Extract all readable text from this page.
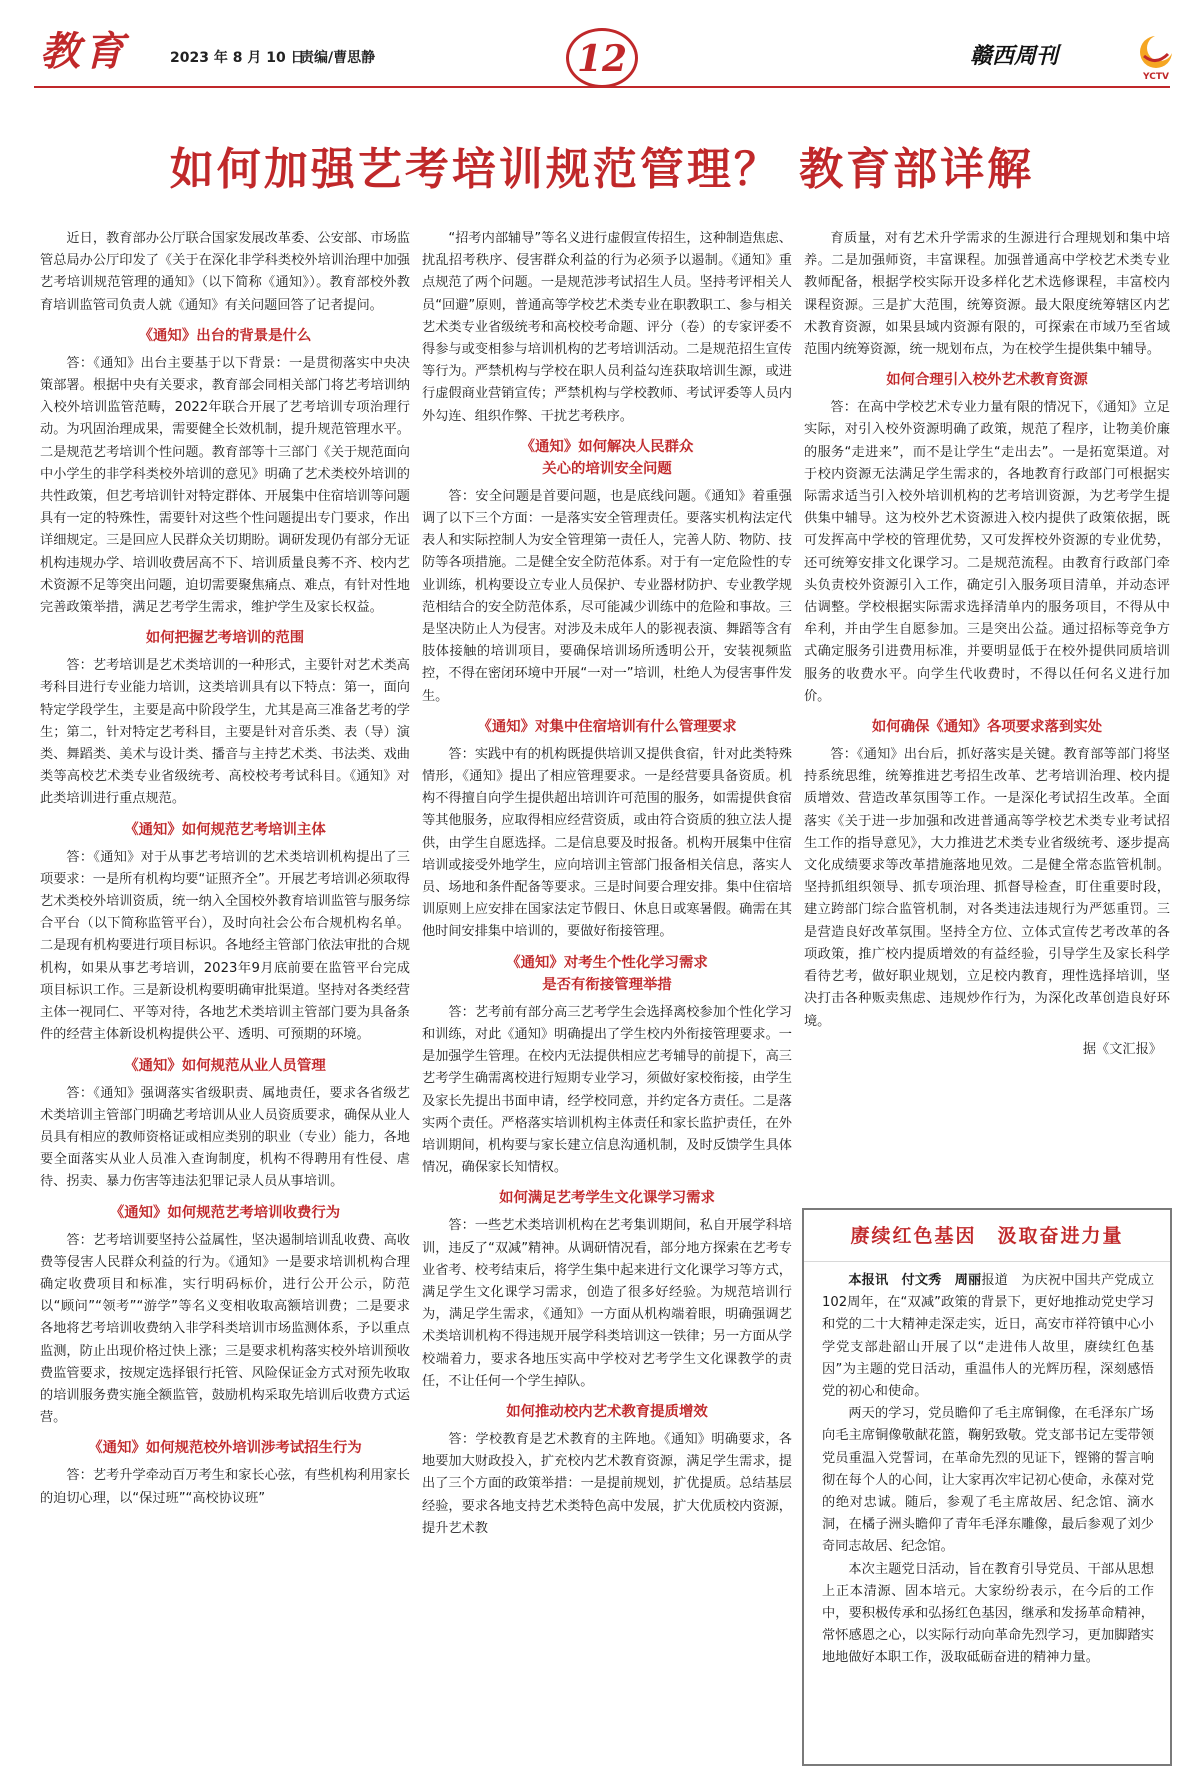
教育	2023 年 8 月 10 日
责编/曹思静	12	赣西周刊
YCTV
如何加强艺考培训规范管理？ 教育部详解

近日，教育部办公厅联合国家发展改革委、公安部、市场监管总局办公厅印发了《关于在深化非学科类校外培训治理中加强艺考培训规范管理的通知》（以下简称《通知》）。教育部校外教育培训监管司负责人就《通知》有关问题回答了记者提问。

《通知》出台的背景是什么

答：《通知》出台主要基于以下背景：一是贯彻落实中央决策部署。根据中央有关要求，教育部会同相关部门将艺考培训纳入校外培训监管范畴，2022年联合开展了艺考培训专项治理行动。为巩固治理成果，需要健全长效机制，提升规范管理水平。二是规范艺考培训个性问题。教育部等十三部门《关于规范面向中小学生的非学科类校外培训的意见》明确了艺术类校外培训的共性政策，但艺考培训针对特定群体、开展集中住宿培训等问题具有一定的特殊性，需要针对这些个性问题提出专门要求，作出详细规定。三是回应人民群众关切期盼。调研发现仍有部分无证机构违规办学、培训收费居高不下、培训质量良莠不齐、校内艺术资源不足等突出问题，迫切需要聚焦痛点、难点，有针对性地完善政策举措，满足艺考学生需求，维护学生及家长权益。

如何把握艺考培训的范围

答：艺考培训是艺术类培训的一种形式，主要针对艺术类高考科目进行专业能力培训，这类培训具有以下特点：第一，面向特定学段学生，主要是高中阶段学生，尤其是高三准备艺考的学生；第二，针对特定艺考科目，主要是针对音乐类、表（导）演类、舞蹈类、美术与设计类、播音与主持艺术类、书法类、戏曲类等高校艺术类专业省级统考、高校校考考试科目。《通知》对此类培训进行重点规范。

《通知》如何规范艺考培训主体

答：《通知》对于从事艺考培训的艺术类培训机构提出了三项要求：一是所有机构均要“证照齐全”。开展艺考培训必须取得艺术类校外培训资质，统一纳入全国校外教育培训监管与服务综合平台（以下简称监管平台），及时向社会公布合规机构名单。二是现有机构要进行项目标识。各地经主管部门依法审批的合规机构，如果从事艺考培训，2023年9月底前要在监管平台完成项目标识工作。三是新设机构要明确审批渠道。坚持对各类经营主体一视同仁、平等对待，各地艺术类培训主管部门要为具备条件的经营主体新设机构提供公平、透明、可预期的环境。

《通知》如何规范从业人员管理

答：《通知》强调落实省级职责、属地责任，要求各省级艺术类培训主管部门明确艺考培训从业人员资质要求，确保从业人员具有相应的教师资格证或相应类别的职业（专业）能力，各地要全面落实从业人员准入查询制度，机构不得聘用有性侵、虐待、拐卖、暴力伤害等违法犯罪记录人员从事培训。

《通知》如何规范艺考培训收费行为

答：艺考培训要坚持公益属性，坚决遏制培训乱收费、高收费等侵害人民群众利益的行为。《通知》一是要求培训机构合理确定收费项目和标准，实行明码标价，进行公开公示，防范以“顾问”“领考”“游学”等名义变相收取高额培训费；二是要求各地将艺考培训收费纳入非学科类培训市场监测体系，予以重点监测，防止出现价格过快上涨；三是要求机构落实校外培训预收费监管要求，按规定选择银行托管、风险保证金方式对预先收取的培训服务费实施全额监管，鼓励机构采取先培训后收费方式运营。

《通知》如何规范校外培训涉考试招生行为

答：艺考升学牵动百万考生和家长心弦，有些机构利用家长的迫切心理，以“保过班”“高校协议班”

“招考内部辅导”等名义进行虚假宣传招生，这种制造焦虑、扰乱招考秩序、侵害群众利益的行为必须予以遏制。《通知》重点规范了两个问题。一是规范涉考试招生人员。坚持考评相关人员“回避”原则，普通高等学校艺术类专业在职教职工、参与相关艺术类专业省级统考和高校校考命题、评分（卷）的专家评委不得参与或变相参与培训机构的艺考培训活动。二是规范招生宣传等行为。严禁机构与学校在职人员利益勾连获取培训生源，或进行虚假商业营销宣传；严禁机构与学校教师、考试评委等人员内外勾连、组织作弊、干扰艺考秩序。

《通知》如何解决人民群众
关心的培训安全问题

答：安全问题是首要问题，也是底线问题。《通知》着重强调了以下三个方面：一是落实安全管理责任。要落实机构法定代表人和实际控制人为安全管理第一责任人，完善人防、物防、技防等各项措施。二是健全安全防范体系。对于有一定危险性的专业训练，机构要设立专业人员保护、专业器材防护、专业教学规范相结合的安全防范体系，尽可能减少训练中的危险和事故。三是坚决防止人为侵害。对涉及未成年人的影视表演、舞蹈等含有肢体接触的培训项目，要确保培训场所透明公开，安装视频监控，不得在密闭环境中开展“一对一”培训，杜绝人为侵害事件发生。

《通知》对集中住宿培训有什么管理要求

答：实践中有的机构既提供培训又提供食宿，针对此类特殊情形，《通知》提出了相应管理要求。一是经营要具备资质。机构不得擅自向学生提供超出培训许可范围的服务，如需提供食宿等其他服务，应取得相应经营资质，或由符合资质的独立法人提供，由学生自愿选择。二是信息要及时报备。机构开展集中住宿培训或接受外地学生，应向培训主管部门报备相关信息，落实人员、场地和条件配备等要求。三是时间要合理安排。集中住宿培训原则上应安排在国家法定节假日、休息日或寒暑假。确需在其他时间安排集中培训的，要做好衔接管理。

《通知》对考生个性化学习需求
是否有衔接管理举措

答：艺考前有部分高三艺考学生会选择离校参加个性化学习和训练，对此《通知》明确提出了学生校内外衔接管理要求。一是加强学生管理。在校内无法提供相应艺考辅导的前提下，高三艺考学生确需离校进行短期专业学习，须做好家校衔接，由学生及家长先提出书面申请，经学校同意，并约定各方责任。二是落实两个责任。严格落实培训机构主体责任和家长监护责任，在外培训期间，机构要与家长建立信息沟通机制，及时反馈学生具体情况，确保家长知情权。

如何满足艺考学生文化课学习需求

答：一些艺术类培训机构在艺考集训期间，私自开展学科培训，违反了“双减”精神。从调研情况看，部分地方探索在艺考专业省考、校考结束后，将学生集中起来进行文化课学习等方式，满足学生文化课学习需求，创造了很多好经验。为规范培训行为，满足学生需求，《通知》一方面从机构端着眼，明确强调艺术类培训机构不得违规开展学科类培训这一铁律；另一方面从学校端着力，要求各地压实高中学校对艺考学生文化课教学的责任，不让任何一个学生掉队。

如何推动校内艺术教育提质增效

答：学校教育是艺术教育的主阵地。《通知》明确要求，各地要加大财政投入，扩充校内艺术教育资源，满足学生需求，提出了三个方面的政策举措：一是提前规划，扩优提质。总结基层经验，要求各地支持艺术类特色高中发展，扩大优质校内资源，提升艺术教

育质量，对有艺术升学需求的生源进行合理规划和集中培养。二是加强师资，丰富课程。加强普通高中学校艺术类专业教师配备，根据学校实际开设多样化艺术选修课程，丰富校内课程资源。三是扩大范围，统筹资源。最大限度统筹辖区内艺术教育资源，如果县域内资源有限的，可探索在市域乃至省域范围内统筹资源，统一规划布点，为在校学生提供集中辅导。

如何合理引入校外艺术教育资源

答：在高中学校艺术专业力量有限的情况下，《通知》立足实际，对引入校外资源明确了政策，规范了程序，让物美价廉的服务“走进来”，而不是让学生“走出去”。一是拓宽渠道。对于校内资源无法满足学生需求的，各地教育行政部门可根据实际需求适当引入校外培训机构的艺考培训资源，为艺考学生提供集中辅导。这为校外艺术资源进入校内提供了政策依据，既可发挥高中学校的管理优势，又可发挥校外资源的专业优势，还可统筹安排文化课学习。二是规范流程。由教育行政部门牵头负责校外资源引入工作，确定引入服务项目清单，并动态评估调整。学校根据实际需求选择清单内的服务项目，不得从中牟利，并由学生自愿参加。三是突出公益。通过招标等竞争方式确定服务引进费用标准，并要明显低于在校外提供同质培训服务的收费水平。向学生代收费时，不得以任何名义进行加价。

如何确保《通知》各项要求落到实处

答：《通知》出台后，抓好落实是关键。教育部等部门将坚持系统思维，统筹推进艺考招生改革、艺考培训治理、校内提质增效、营造改革氛围等工作。一是深化考试招生改革。全面落实《关于进一步加强和改进普通高等学校艺术类专业考试招生工作的指导意见》，大力推进艺术类专业省级统考、逐步提高文化成绩要求等改革措施落地见效。二是健全常态监管机制。坚持抓组织领导、抓专项治理、抓督导检查，盯住重要时段，建立跨部门综合监管机制，对各类违法违规行为严惩重罚。三是营造良好改革氛围。坚持全方位、立体式宣传艺考改革的各项政策，推广校内提质增效的有益经验，引导学生及家长科学看待艺考，做好职业规划，立足校内教育，理性选择培训，坚决打击各种贩卖焦虑、违规炒作行为，为深化改革创造良好环境。

据《文汇报》
赓续红色基因　汲取奋进力量

本报讯　付文秀　周丽报道　为庆祝中国共产党成立102周年，在“双减”政策的背景下，更好地推动党史学习和党的二十大精神走深走实，近日，高安市祥符镇中心小学党支部赴韶山开展了以“走进伟人故里，赓续红色基因”为主题的党日活动，重温伟人的光辉历程，深刻感悟党的初心和使命。

两天的学习，党员瞻仰了毛主席铜像，在毛泽东广场向毛主席铜像敬献花篮，鞠躬致敬。党支部书记左雯带领党员重温入党誓词，在革命先烈的见证下，铿锵的誓言响彻在每个人的心间，让大家再次牢记初心使命，永葆对党的绝对忠诚。随后，参观了毛主席故居、纪念馆、滴水洞，在橘子洲头瞻仰了青年毛泽东雕像，最后参观了刘少奇同志故居、纪念馆。

本次主题党日活动，旨在教育引导党员、干部从思想上正本清源、固本培元。大家纷纷表示，在今后的工作中，要积极传承和弘扬红色基因，继承和发扬革命精神，常怀感恩之心，以实际行动向革命先烈学习，更加脚踏实地地做好本职工作，汲取砥砺奋进的精神力量。
